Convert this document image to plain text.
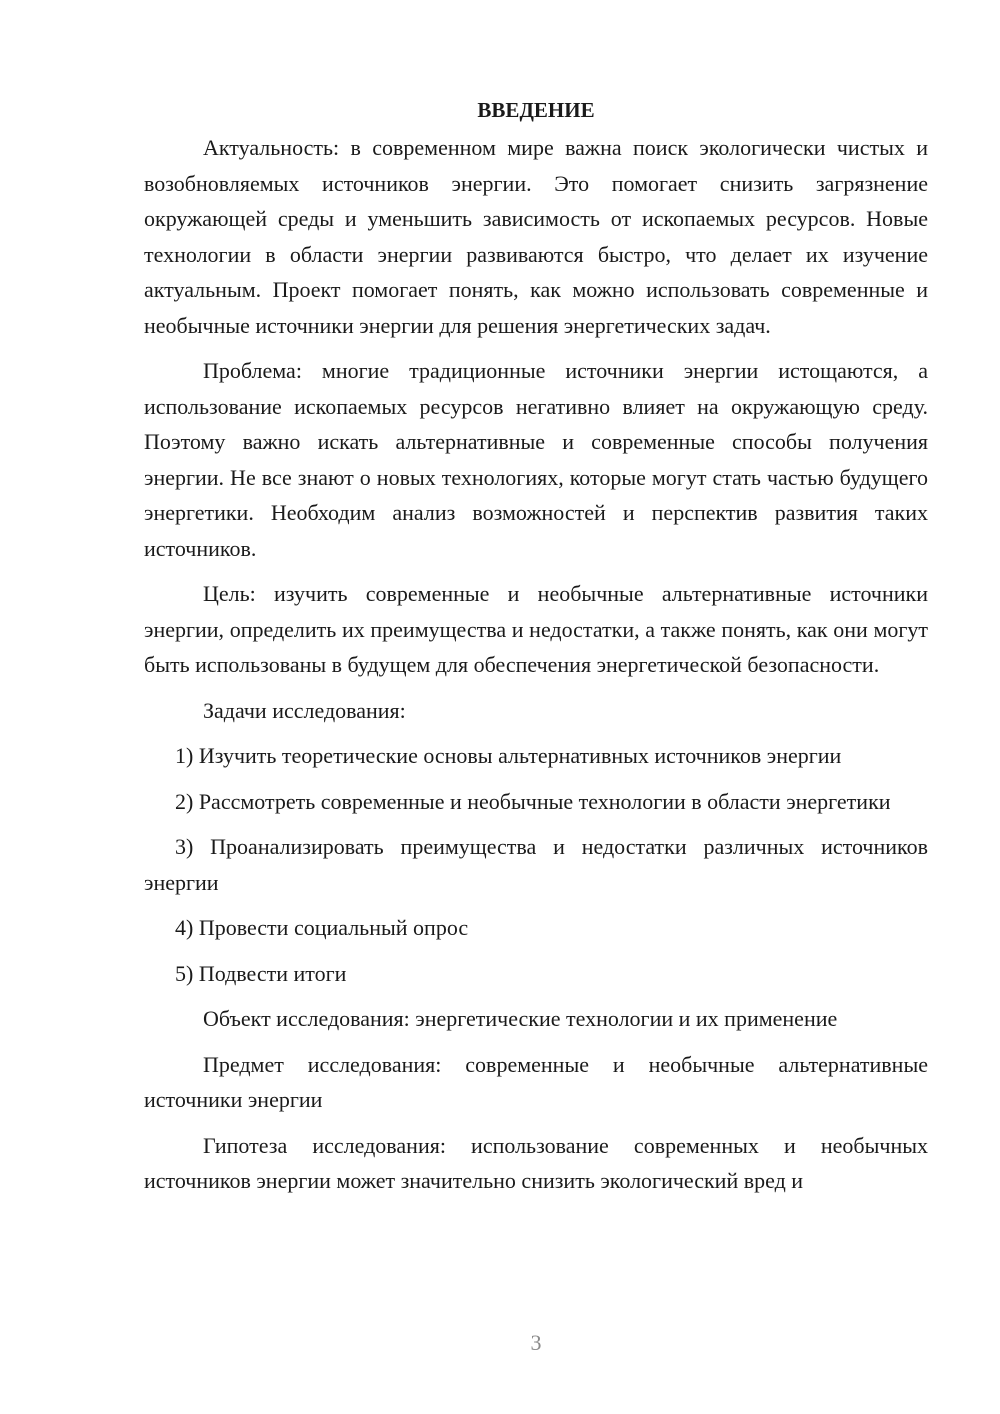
ВВЕДЕНИЕ

Актуальность: в современном мире важна поиск экологически чистых и возобновляемых источников энергии. Это помогает снизить загрязнение окружающей среды и уменьшить зависимость от ископаемых ресурсов. Новые технологии в области энергии развиваются быстро, что делает их изучение актуальным. Проект помогает понять, как можно использовать современные и необычные источники энергии для решения энергетических задач.

Проблема: многие традиционные источники энергии истощаются, а использование ископаемых ресурсов негативно влияет на окружающую среду. Поэтому важно искать альтернативные и современные способы получения энергии. Не все знают о новых технологиях, которые могут стать частью будущего энергетики. Необходим анализ возможностей и перспектив развития таких источников.

Цель: изучить современные и необычные альтернативные источники энергии, определить их преимущества и недостатки, а также понять, как они могут быть использованы в будущем для обеспечения энергетической безопасности.

Задачи исследования:

1) Изучить теоретические основы альтернативных источников энергии

2) Рассмотреть современные и необычные технологии в области энергетики

3) Проанализировать преимущества и недостатки различных источников энергии

4) Провести социальный опрос

5) Подвести итоги

Объект исследования: энергетические технологии и их применение

Предмет исследования: современные и необычные альтернативные источники энергии

Гипотеза исследования: использование современных и необычных источников энергии может значительно снизить экологический вред и

3
